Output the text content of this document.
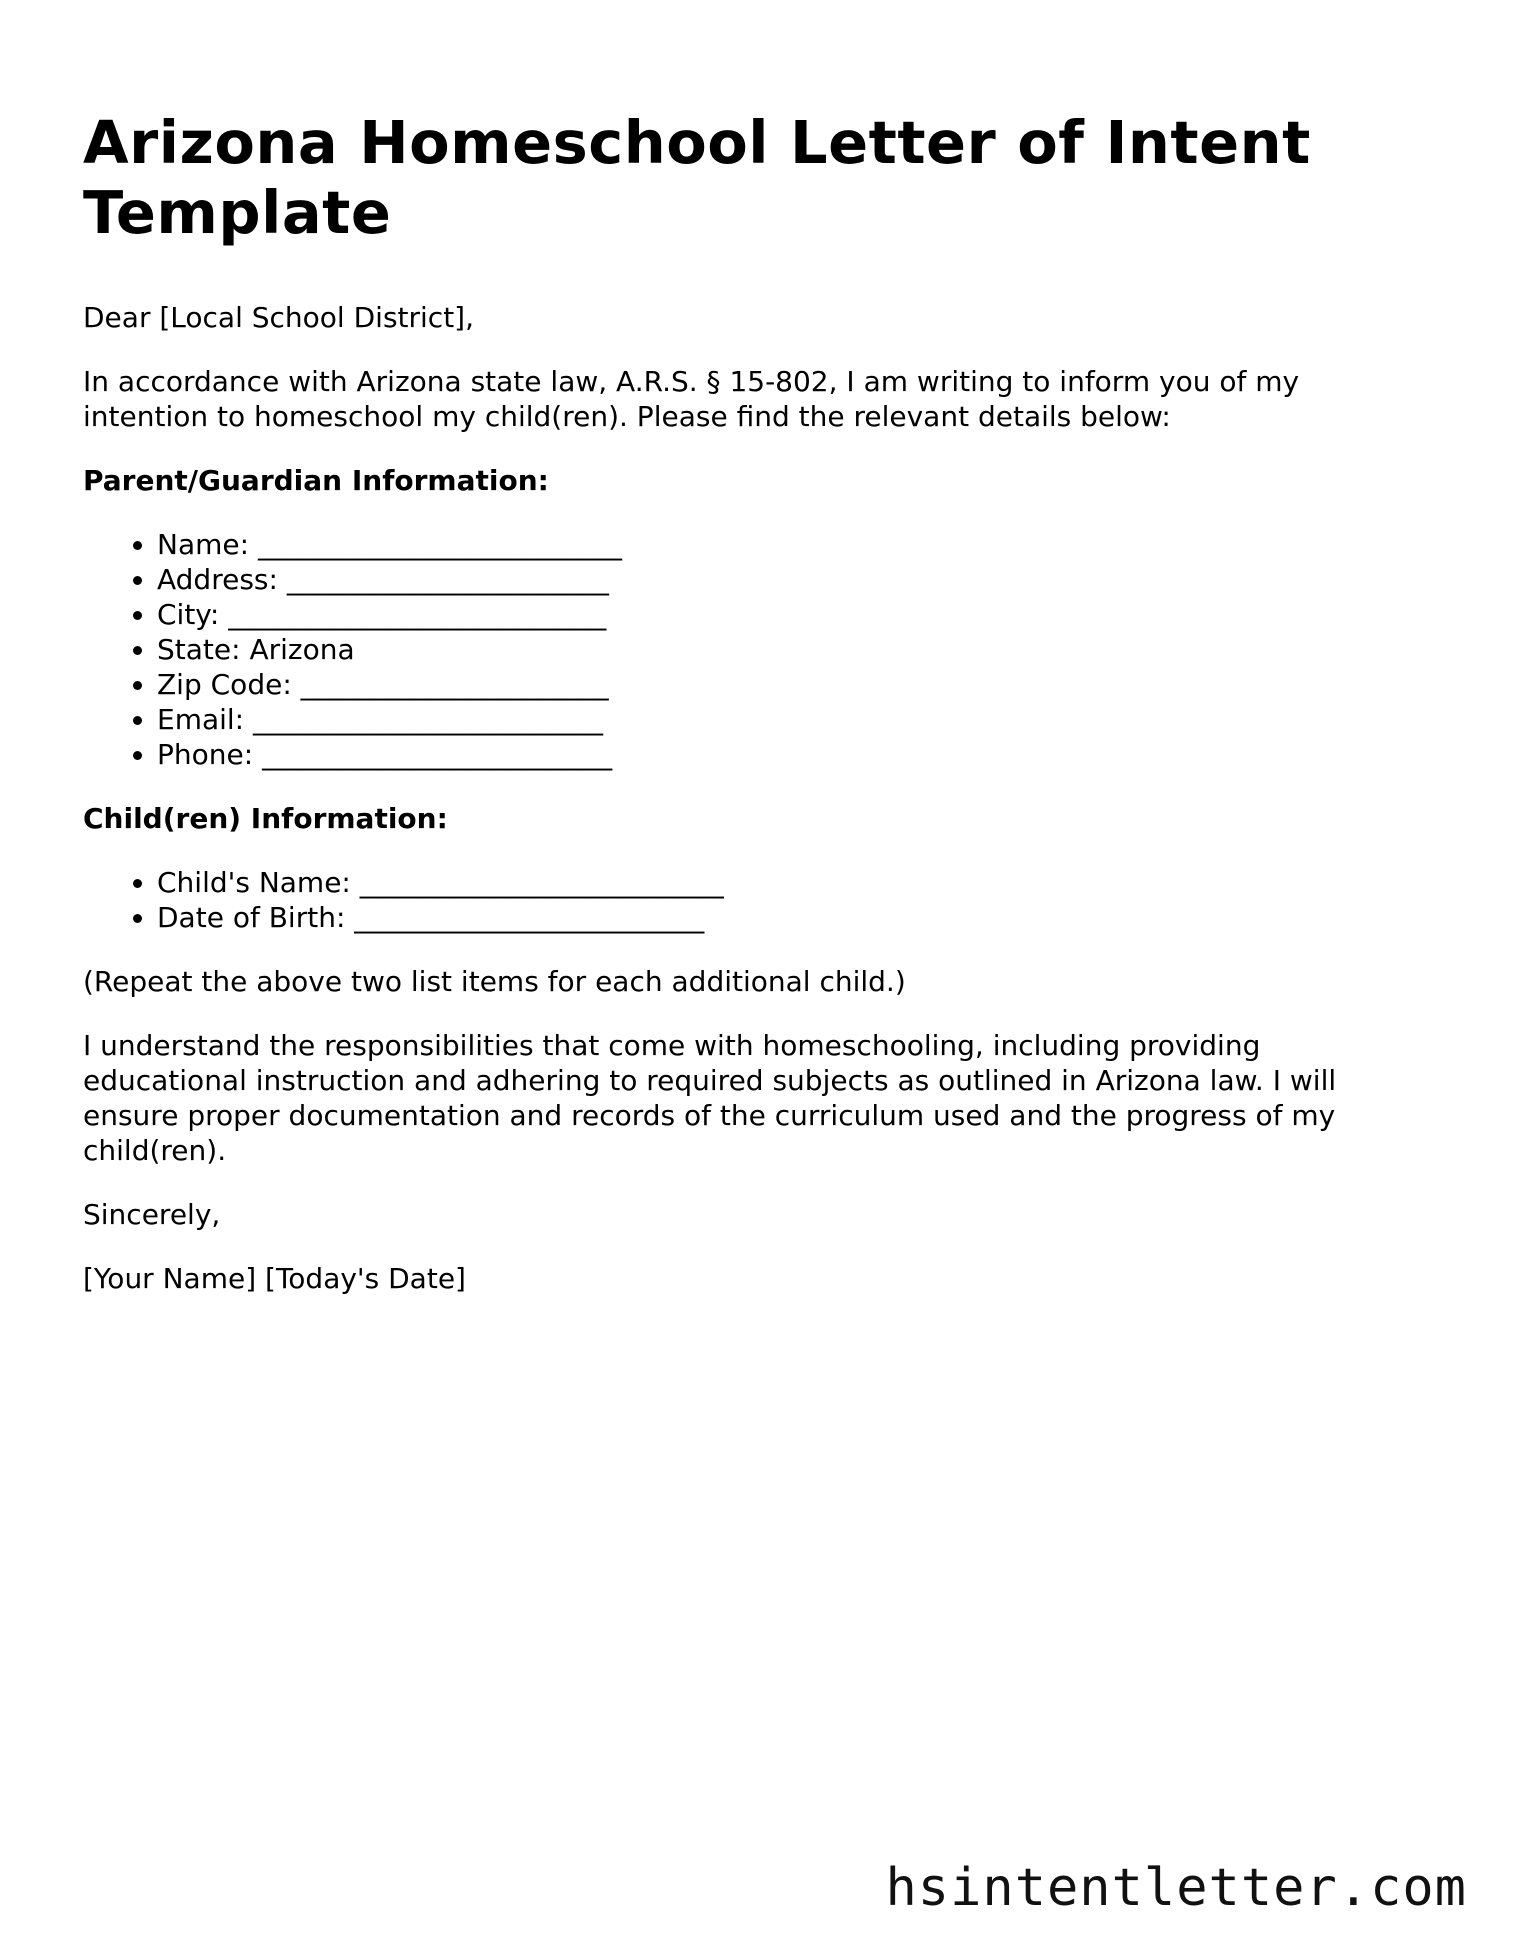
Arizona Homeschool Letter of Intent Template

Dear [Local School District],

In accordance with Arizona state law, A.R.S. § 15-802, I am writing to inform you of my intention to homeschool my child(ren). Please find the relevant details below:

Parent/Guardian Information:

• Name: __________________________
• Address: _______________________
• City: ___________________________
• State: Arizona
• Zip Code: ______________________
• Email: _________________________
• Phone: _________________________

Child(ren) Information:

• Child's Name: __________________________
• Date of Birth: _________________________

(Repeat the above two list items for each additional child.)

I understand the responsibilities that come with homeschooling, including providing educational instruction and adhering to required subjects as outlined in Arizona law. I will ensure proper documentation and records of the curriculum used and the progress of my child(ren).

Sincerely,

[Your Name] [Today's Date]

hsintentletter.com
